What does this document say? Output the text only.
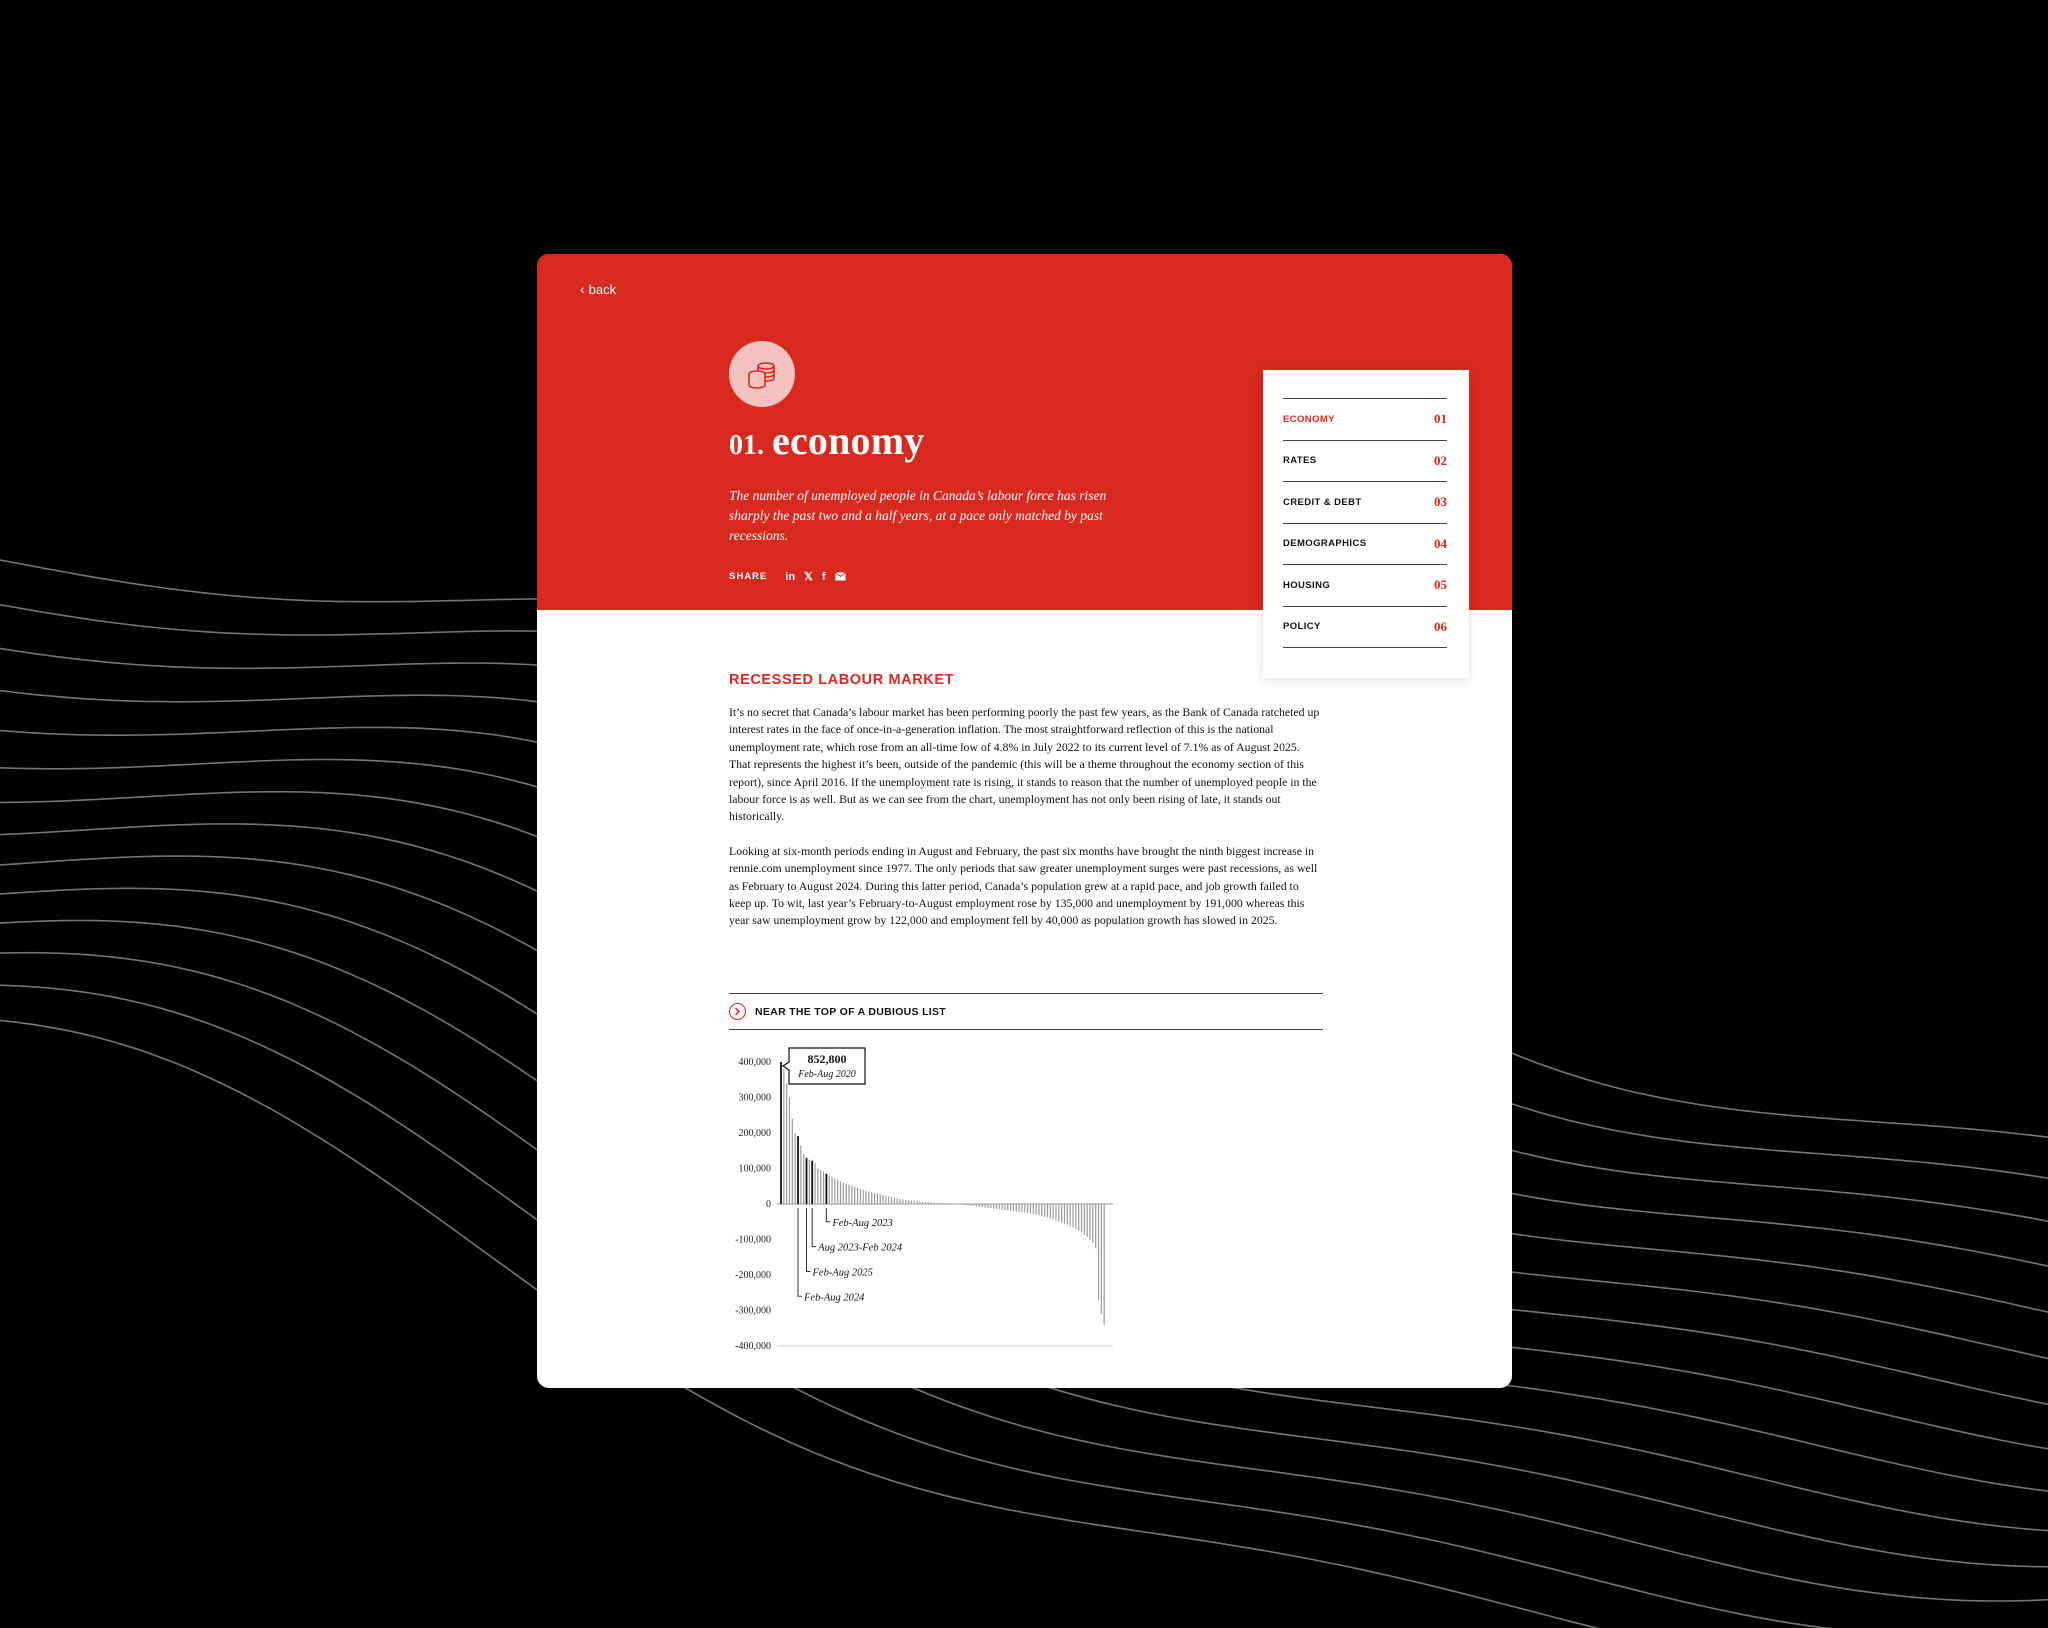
‹ back
01. economy

The number of unemployed people in Canada’s labour force has risen sharply the past two and a half years, at a pace only matched by past recessions.

SHARE in 𝕏 f
ECONOMY	01
RATES	02
CREDIT & DEBT	03
DEMOGRAPHICS	04
HOUSING	05
POLICY	06
RECESSED LABOUR MARKET

It’s no secret that Canada’s labour market has been performing poorly the past few years, as the Bank of Canada ratcheted up interest rates in the face of once-in-a-generation inflation. The most straightforward reflection of this is the national unemployment rate, which rose from an all-time low of 4.8% in July 2022 to its current level of 7.1% as of August 2025. That represents the highest it’s been, outside of the pandemic (this will be a theme throughout the economy section of this report), since April 2016. If the unemployment rate is rising, it stands to reason that the number of unemployed people in the labour force is as well. But as we can see from the chart, unemployment has not only been rising of late, it stands out historically.

Looking at six-month periods ending in August and February, the past six months have brought the ninth biggest increase in rennie.com unemployment since 1977. The only periods that saw greater unemployment surges were past recessions, as well as February to August 2024. During this latter period, Canada’s population grew at a rapid pace, and job growth failed to keep up. To wit, last year’s February-to-August employment rose by 135,000 and unemployment by 191,000 whereas this year saw unemployment grow by 122,000 and employment fell by 40,000 as population growth has slowed in 2025.

NEAR THE TOP OF A DUBIOUS LIST
400,000
300,000
200,000
100,000
0
-100,000
-200,000
-300,000
-400,000
852,800
Feb-Aug 2020
Feb-Aug 2023
Aug 2023-Feb 2024
Feb-Aug 2025
Feb-Aug 2024
